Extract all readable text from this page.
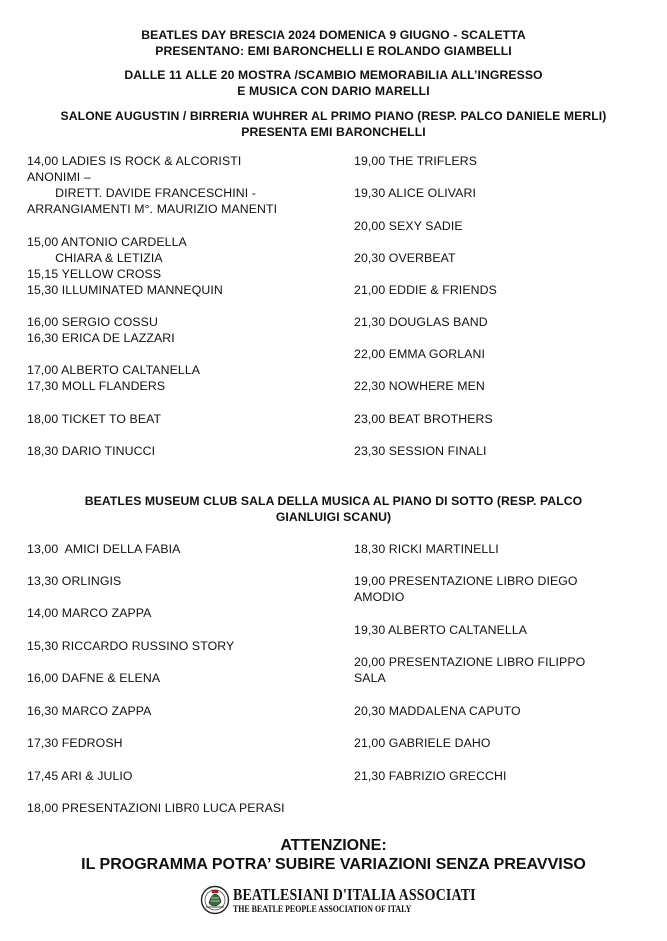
BEATLES DAY BRESCIA 2024 DOMENICA 9 GIUGNO - SCALETTA
PRESENTANO: EMI BARONCHELLI E ROLANDO GIAMBELLI
DALLE 11 ALLE 20 MOSTRA /SCAMBIO MEMORABILIA ALL’INGRESSO
E MUSICA CON DARIO MARELLI
SALONE AUGUSTIN / BIRRERIA WUHRER AL PRIMO PIANO (RESP. PALCO DANIELE MERLI)
PRESENTA EMI BARONCHELLI
14,00 LADIES IS ROCK & ALCORISTI
ANONIMI –
DIRETT. DAVIDE FRANCESCHINI -
ARRANGIAMENTI M°. MAURIZIO MANENTI
15,00 ANTONIO CARDELLA
CHIARA & LETIZIA
15,15 YELLOW CROSS
15,30 ILLUMINATED MANNEQUIN
16,00 SERGIO COSSU
16,30 ERICA DE LAZZARI
17,00 ALBERTO CALTANELLA
17,30 MOLL FLANDERS
18,00 TICKET TO BEAT
18,30 DARIO TINUCCI
19,00 THE TRIFLERS
19,30 ALICE OLIVARI
20,00 SEXY SADIE
20,30 OVERBEAT
21,00 EDDIE & FRIENDS
21,30 DOUGLAS BAND
22,00 EMMA GORLANI
22,30 NOWHERE MEN
23,00 BEAT BROTHERS
23,30 SESSION FINALI
BEATLES MUSEUM CLUB SALA DELLA MUSICA AL PIANO DI SOTTO (RESP. PALCO
GIANLUIGI SCANU)
13,00  AMICI DELLA FABIA
13,30 ORLINGIS
14,00 MARCO ZAPPA
15,30 RICCARDO RUSSINO STORY
16,00 DAFNE & ELENA
16,30 MARCO ZAPPA
17,30 FEDROSH
17,45 ARI & JULIO
18,00 PRESENTAZIONI LIBR0 LUCA PERASI
18,30 RICKI MARTINELLI
19,00 PRESENTAZIONE LIBRO DIEGO
AMODIO
19,30 ALBERTO CALTANELLA
20,00 PRESENTAZIONE LIBRO FILIPPO
SALA
20,30 MADDALENA CAPUTO
21,00 GABRIELE DAHO
21,30 FABRIZIO GRECCHI
ATTENZIONE:
IL PROGRAMMA POTRA’ SUBIRE VARIAZIONI SENZA PREAVVISO
BEATLESIANI D'ITALIA ASSOCIATI
THE BEATLE PEOPLE ASSOCIATION OF ITALY
